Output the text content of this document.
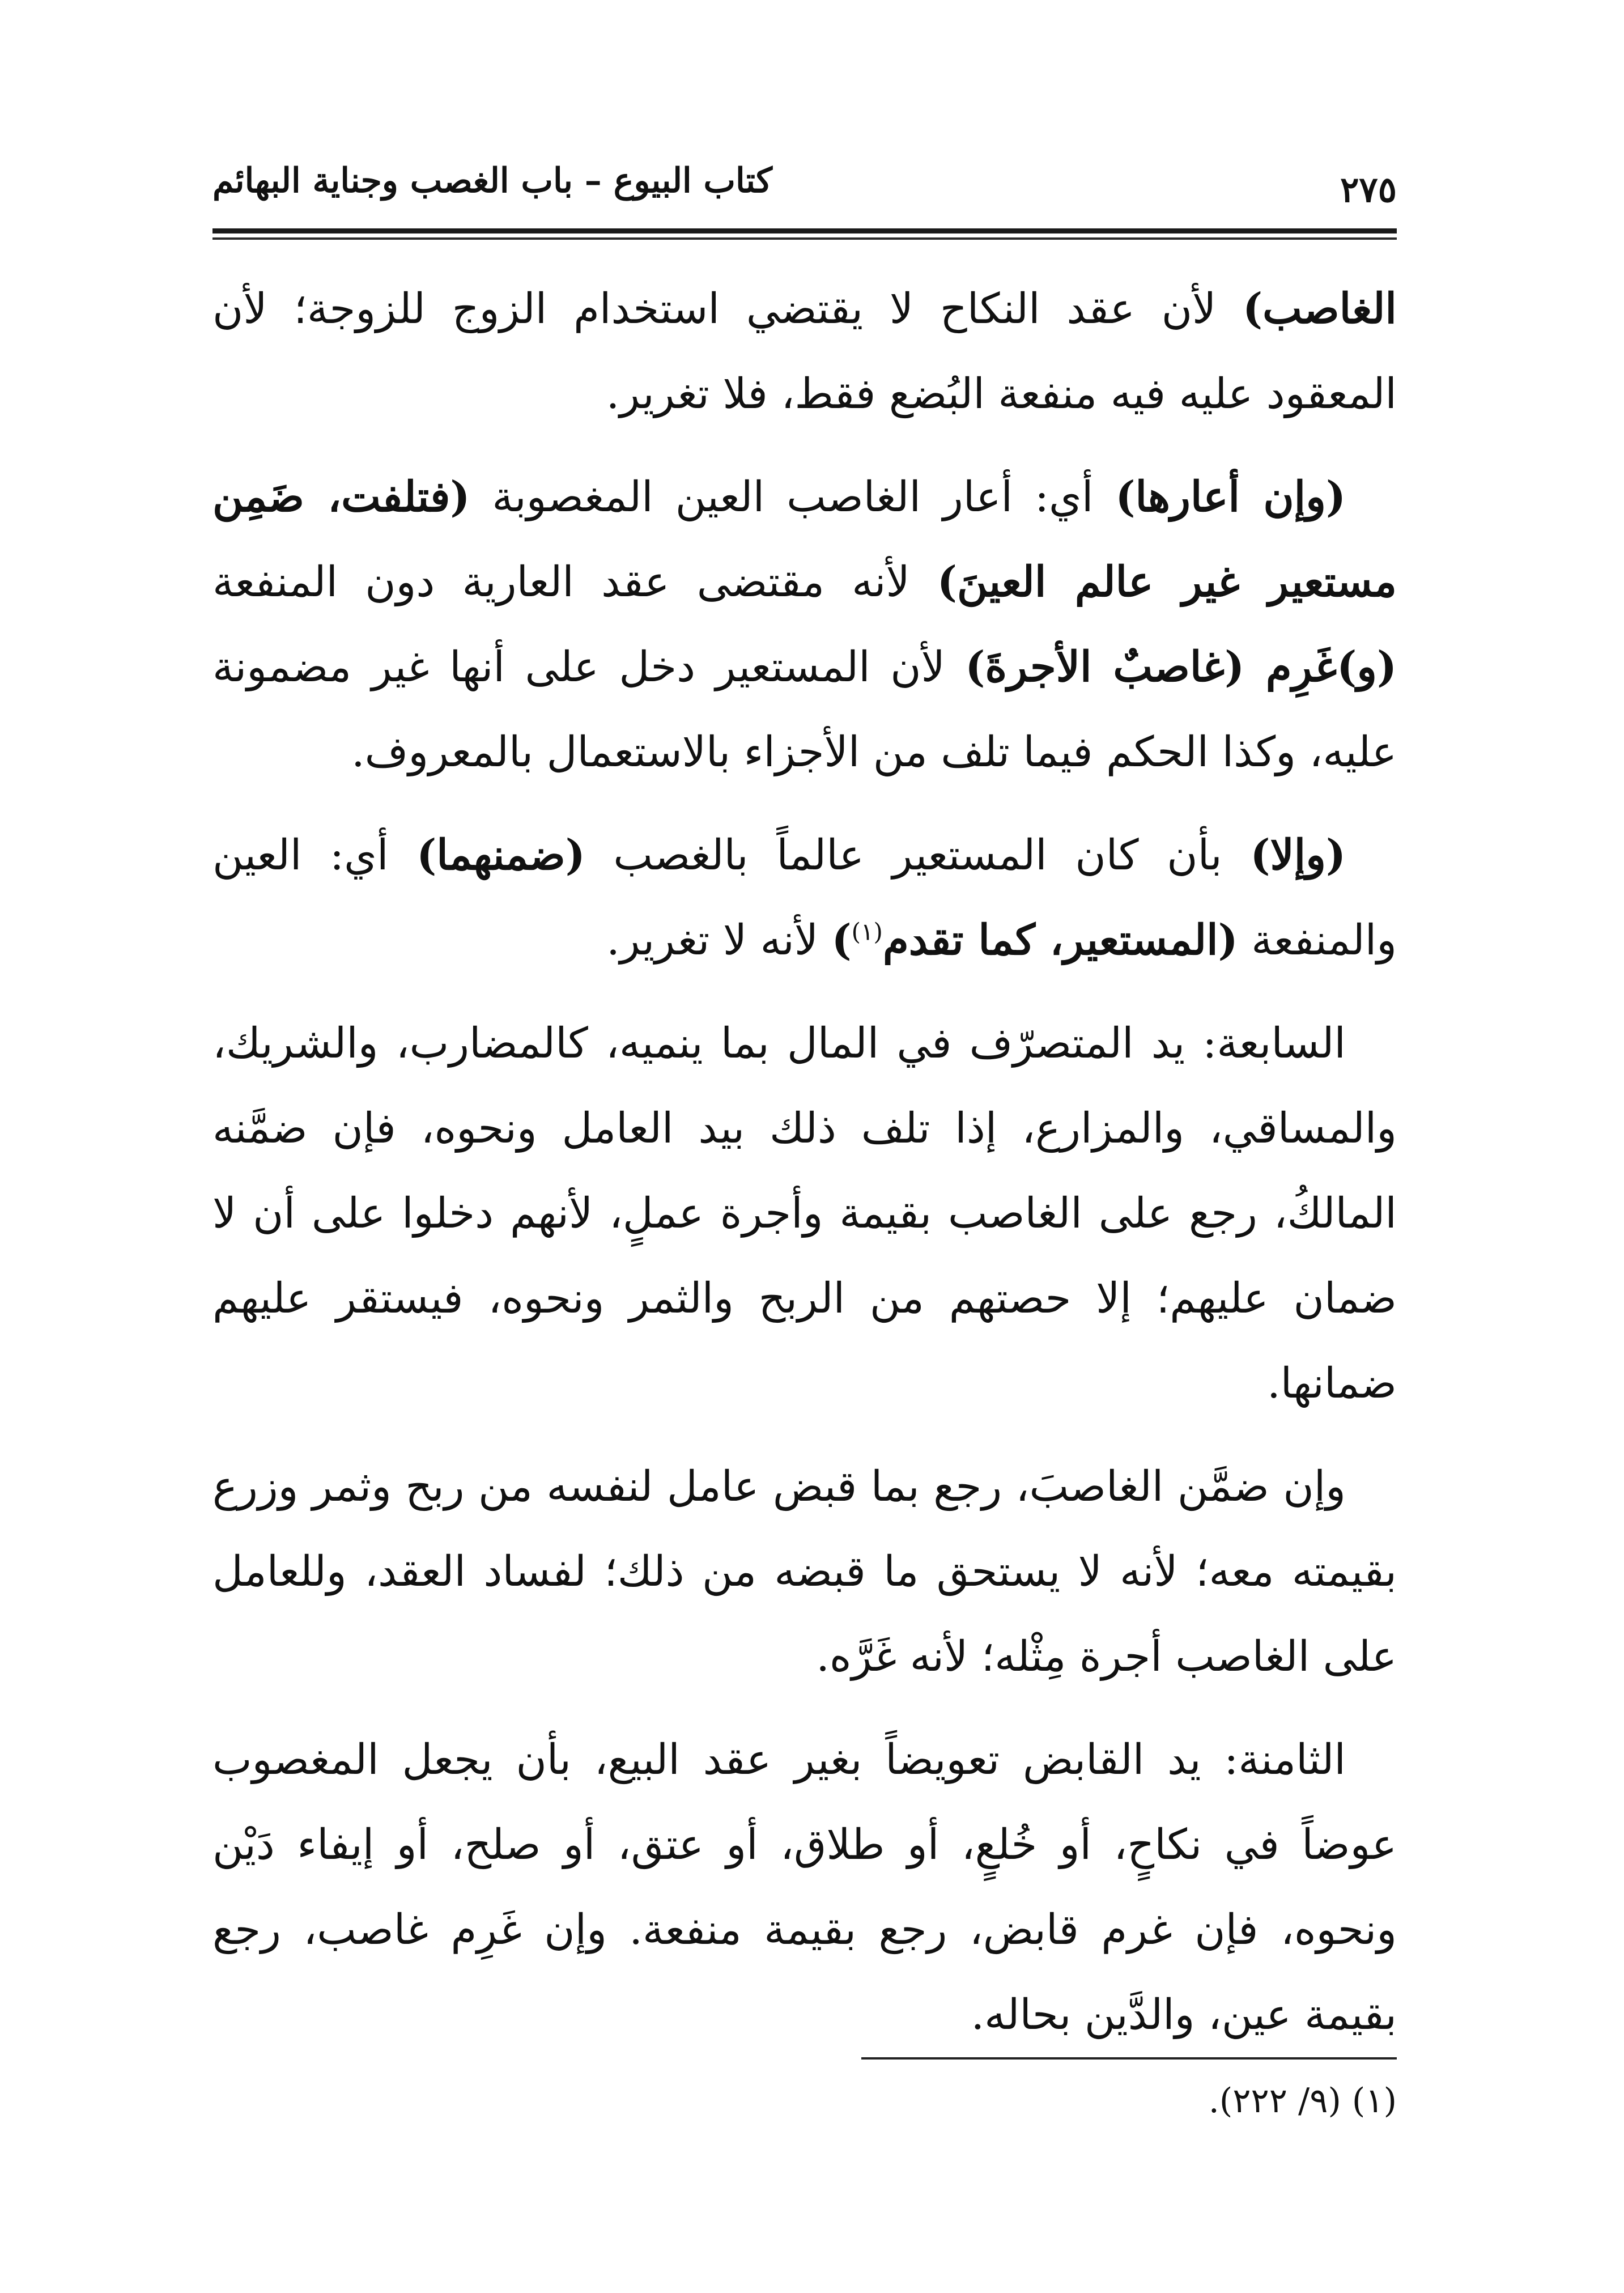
٢٧٥
كتاب البيوع – باب الغصب وجناية البهائم

الغاصب) لأن عقد النكاح لا يقتضي استخدام الزوج للزوجة؛ لأن المعقود عليه فيه منفعة البُضع فقط، فلا تغرير.

(وإن أعارها) أي: أعار الغاصب العين المغصوبة (فتلفت، ضَمِن مستعير غير عالم العينَ) لأنه مقتضى عقد العارية دون المنفعة (و)غَرِم (غاصبٌ الأجرةَ) لأن المستعير دخل على أنها غير مضمونة عليه، وكذا الحكم فيما تلف من الأجزاء بالاستعمال بالمعروف.

(وإلا) بأن كان المستعير عالماً بالغصب (ضمنهما) أي: العين والمنفعة (المستعير، كما تقدم$^{(١)}$) لأنه لا تغرير.

السابعة: يد المتصرّف في المال بما ينميه، كالمضارب، والشريك، والمساقي، والمزارع، إذا تلف ذلك بيد العامل ونحوه، فإن ضمَّنه المالكُ، رجع على الغاصب بقيمة وأجرة عملٍ، لأنهم دخلوا على أن لا ضمان عليهم؛ إلا حصتهم من الربح والثمر ونحوه، فيستقر عليهم ضمانها.

وإن ضمَّن الغاصبَ، رجع بما قبض عامل لنفسه من ربح وثمر وزرع بقيمته معه؛ لأنه لا يستحق ما قبضه من ذلك؛ لفساد العقد، وللعامل على الغاصب أجرة مِثْله؛ لأنه غَرَّه.

الثامنة: يد القابض تعويضاً بغير عقد البيع، بأن يجعل المغصوب عوضاً في نكاحٍ، أو خُلعٍ، أو طلاق، أو عتق، أو صلح، أو إيفاء دَيْن ونحوه، فإن غرم قابض، رجع بقيمة منفعة. وإن غَرِم غاصب، رجع بقيمة عين، والدَّين بحاله.

(١) (٩/ ٢٢٢).
